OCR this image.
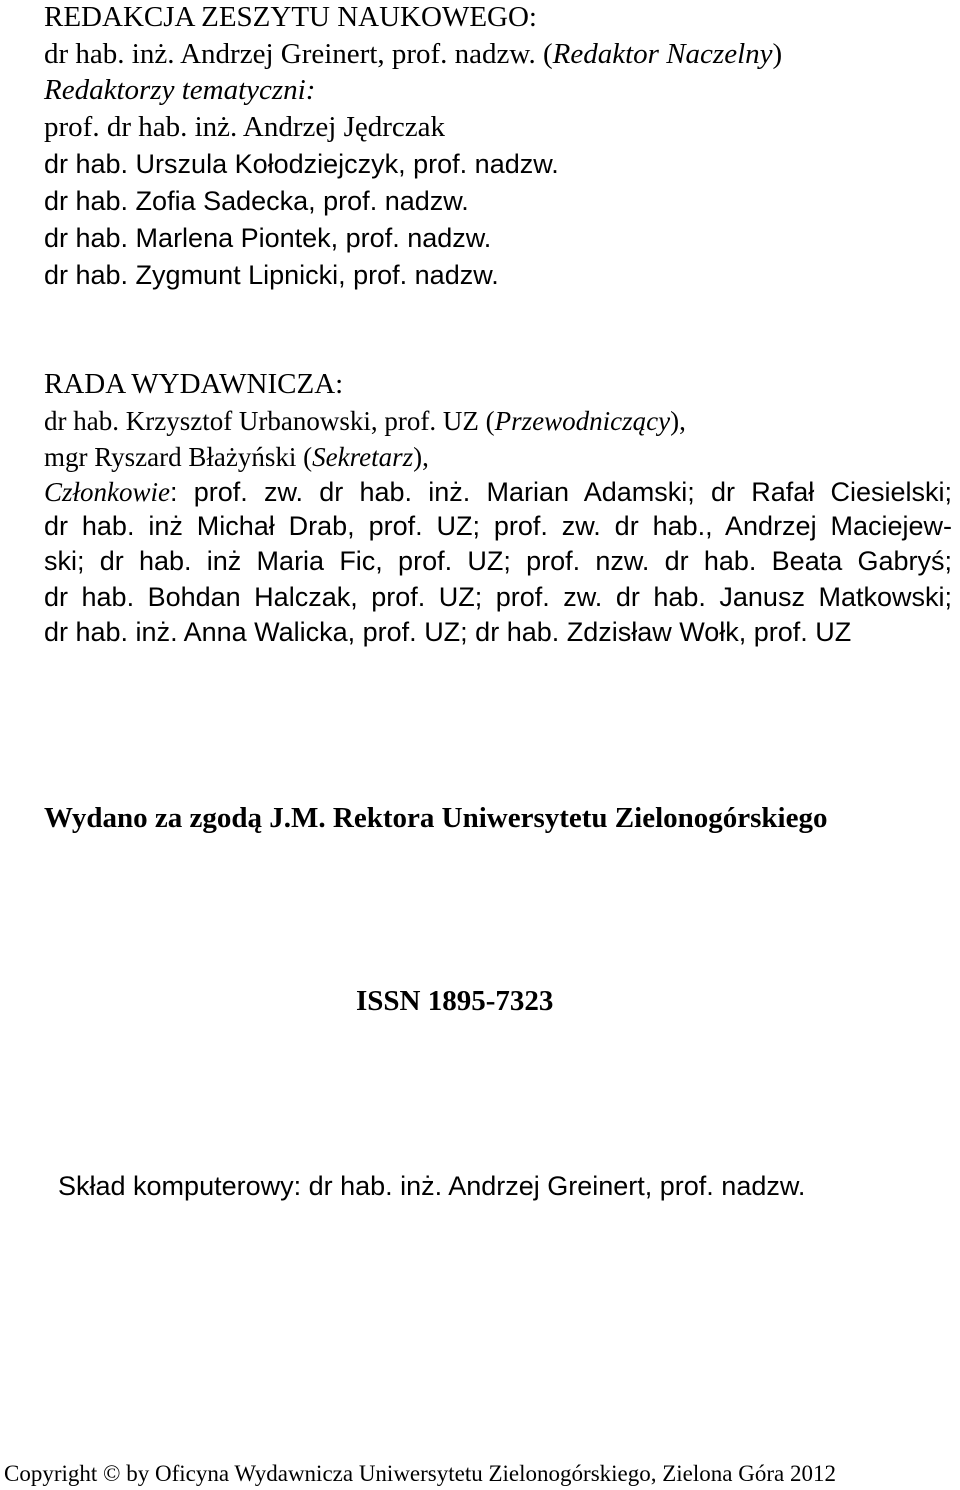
REDAKCJA ZESZYTU NAUKOWEGO:
dr hab. inż. Andrzej Greinert, prof. nadzw. (Redaktor Naczelny)
Redaktorzy tematyczni:
prof. dr hab. inż. Andrzej Jędrczak
dr hab. Urszula Kołodziejczyk, prof. nadzw.
dr hab. Zofia Sadecka, prof. nadzw.
dr hab. Marlena Piontek, prof. nadzw.
dr hab. Zygmunt Lipnicki, prof. nadzw.
RADA WYDAWNICZA:
dr hab. Krzysztof Urbanowski, prof. UZ (Przewodniczący),
mgr Ryszard Błażyński (Sekretarz),
Członkowie: prof. zw. dr hab. inż. Marian Adamski; dr Rafał Ciesielski;
dr hab. inż Michał Drab, prof. UZ; prof. zw. dr hab., Andrzej Maciejew-
ski; dr hab. inż Maria Fic, prof. UZ; prof. nzw. dr hab. Beata Gabryś;
dr hab. Bohdan Halczak, prof. UZ; prof. zw. dr hab. Janusz Matkowski;
dr hab. inż. Anna Walicka, prof. UZ; dr hab. Zdzisław Wołk, prof. UZ
Wydano za zgodą J.M. Rektora Uniwersytetu Zielonogórskiego
ISSN 1895-7323
Skład komputerowy: dr hab. inż. Andrzej Greinert, prof. nadzw.
Copyright © by Oficyna Wydawnicza Uniwersytetu Zielonogórskiego, Zielona Góra 2012
